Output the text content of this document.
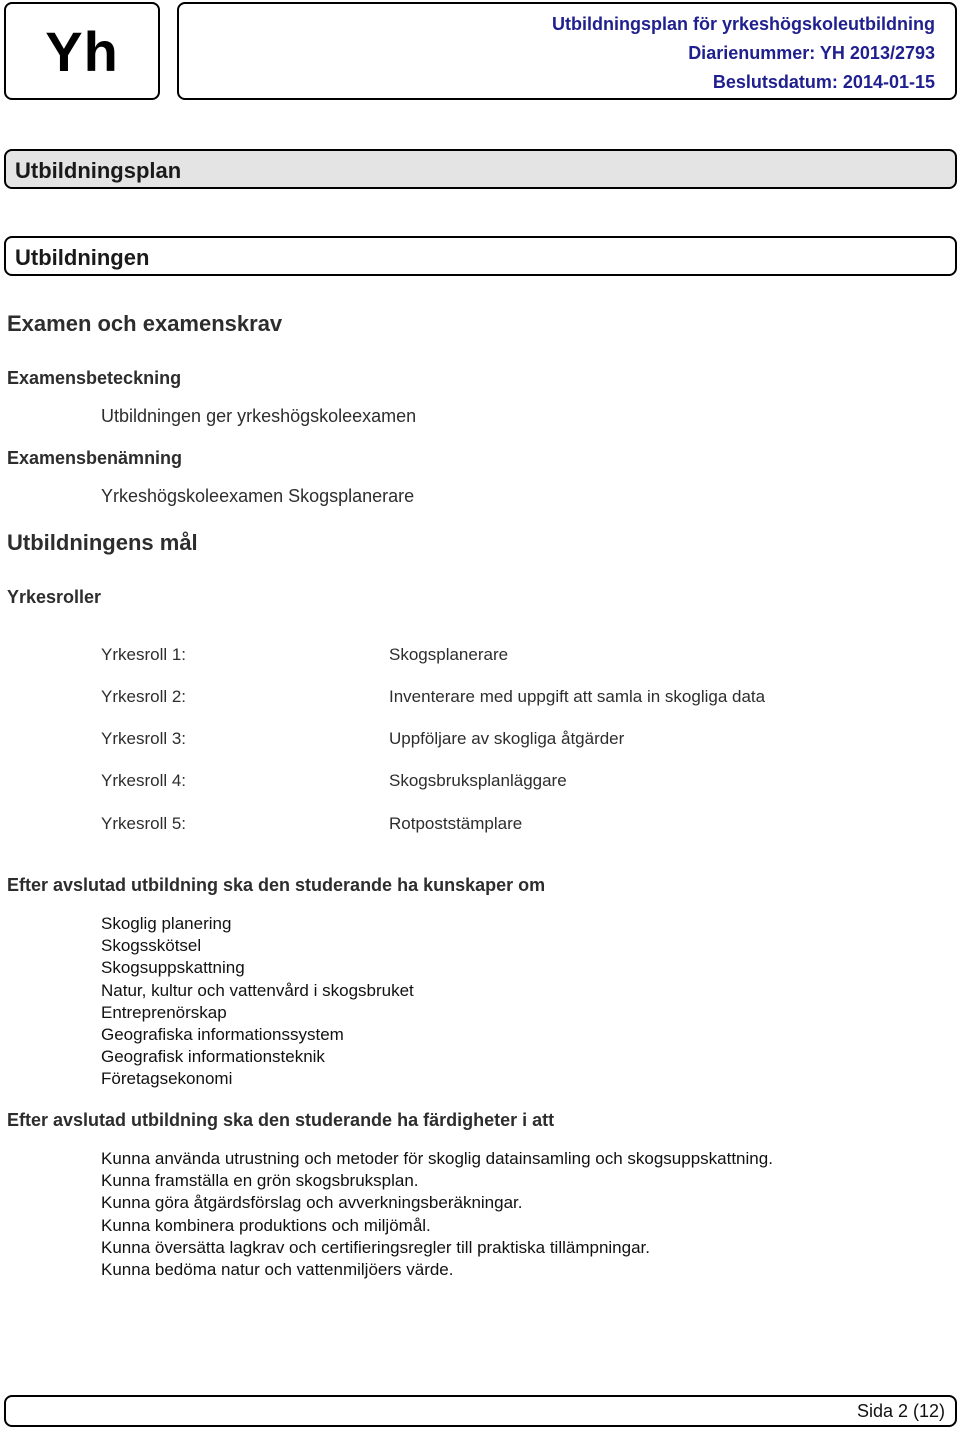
Yh	Utbildningsplan för yrkeshögskoleutbildning
Diarienummer: YH 2013/2793
Beslutsdatum: 2014-01-15
Utbildningsplan
Utbildningen
Examen och examenskrav
Examensbeteckning
Utbildningen ger yrkeshögskoleexamen
Examensbenämning
Yrkeshögskoleexamen Skogsplanerare
Utbildningens mål
Yrkesroller
Yrkesroll 1:	Skogsplanerare
Yrkesroll 2:	Inventerare med uppgift att samla in skogliga data
Yrkesroll 3:	Uppföljare av skogliga åtgärder
Yrkesroll 4:	Skogsbruksplanläggare
Yrkesroll 5:	Rotpoststämplare
Efter avslutad utbildning ska den studerande ha kunskaper om
Skoglig planering
Skogsskötsel
Skogsuppskattning
Natur, kultur och vattenvård i skogsbruket
Entreprenörskap
Geografiska informationssystem
Geografisk informationsteknik
Företagsekonomi
Efter avslutad utbildning ska den studerande ha färdigheter i att
Kunna använda utrustning och metoder för skoglig datainsamling och skogsuppskattning.
Kunna framställa en grön skogsbruksplan.
Kunna göra åtgärdsförslag och avverkningsberäkningar.
Kunna kombinera produktions och miljömål.
Kunna översätta lagkrav och certifieringsregler till praktiska tillämpningar.
Kunna bedöma natur och vattenmiljöers värde.
Sida 2 (12)
